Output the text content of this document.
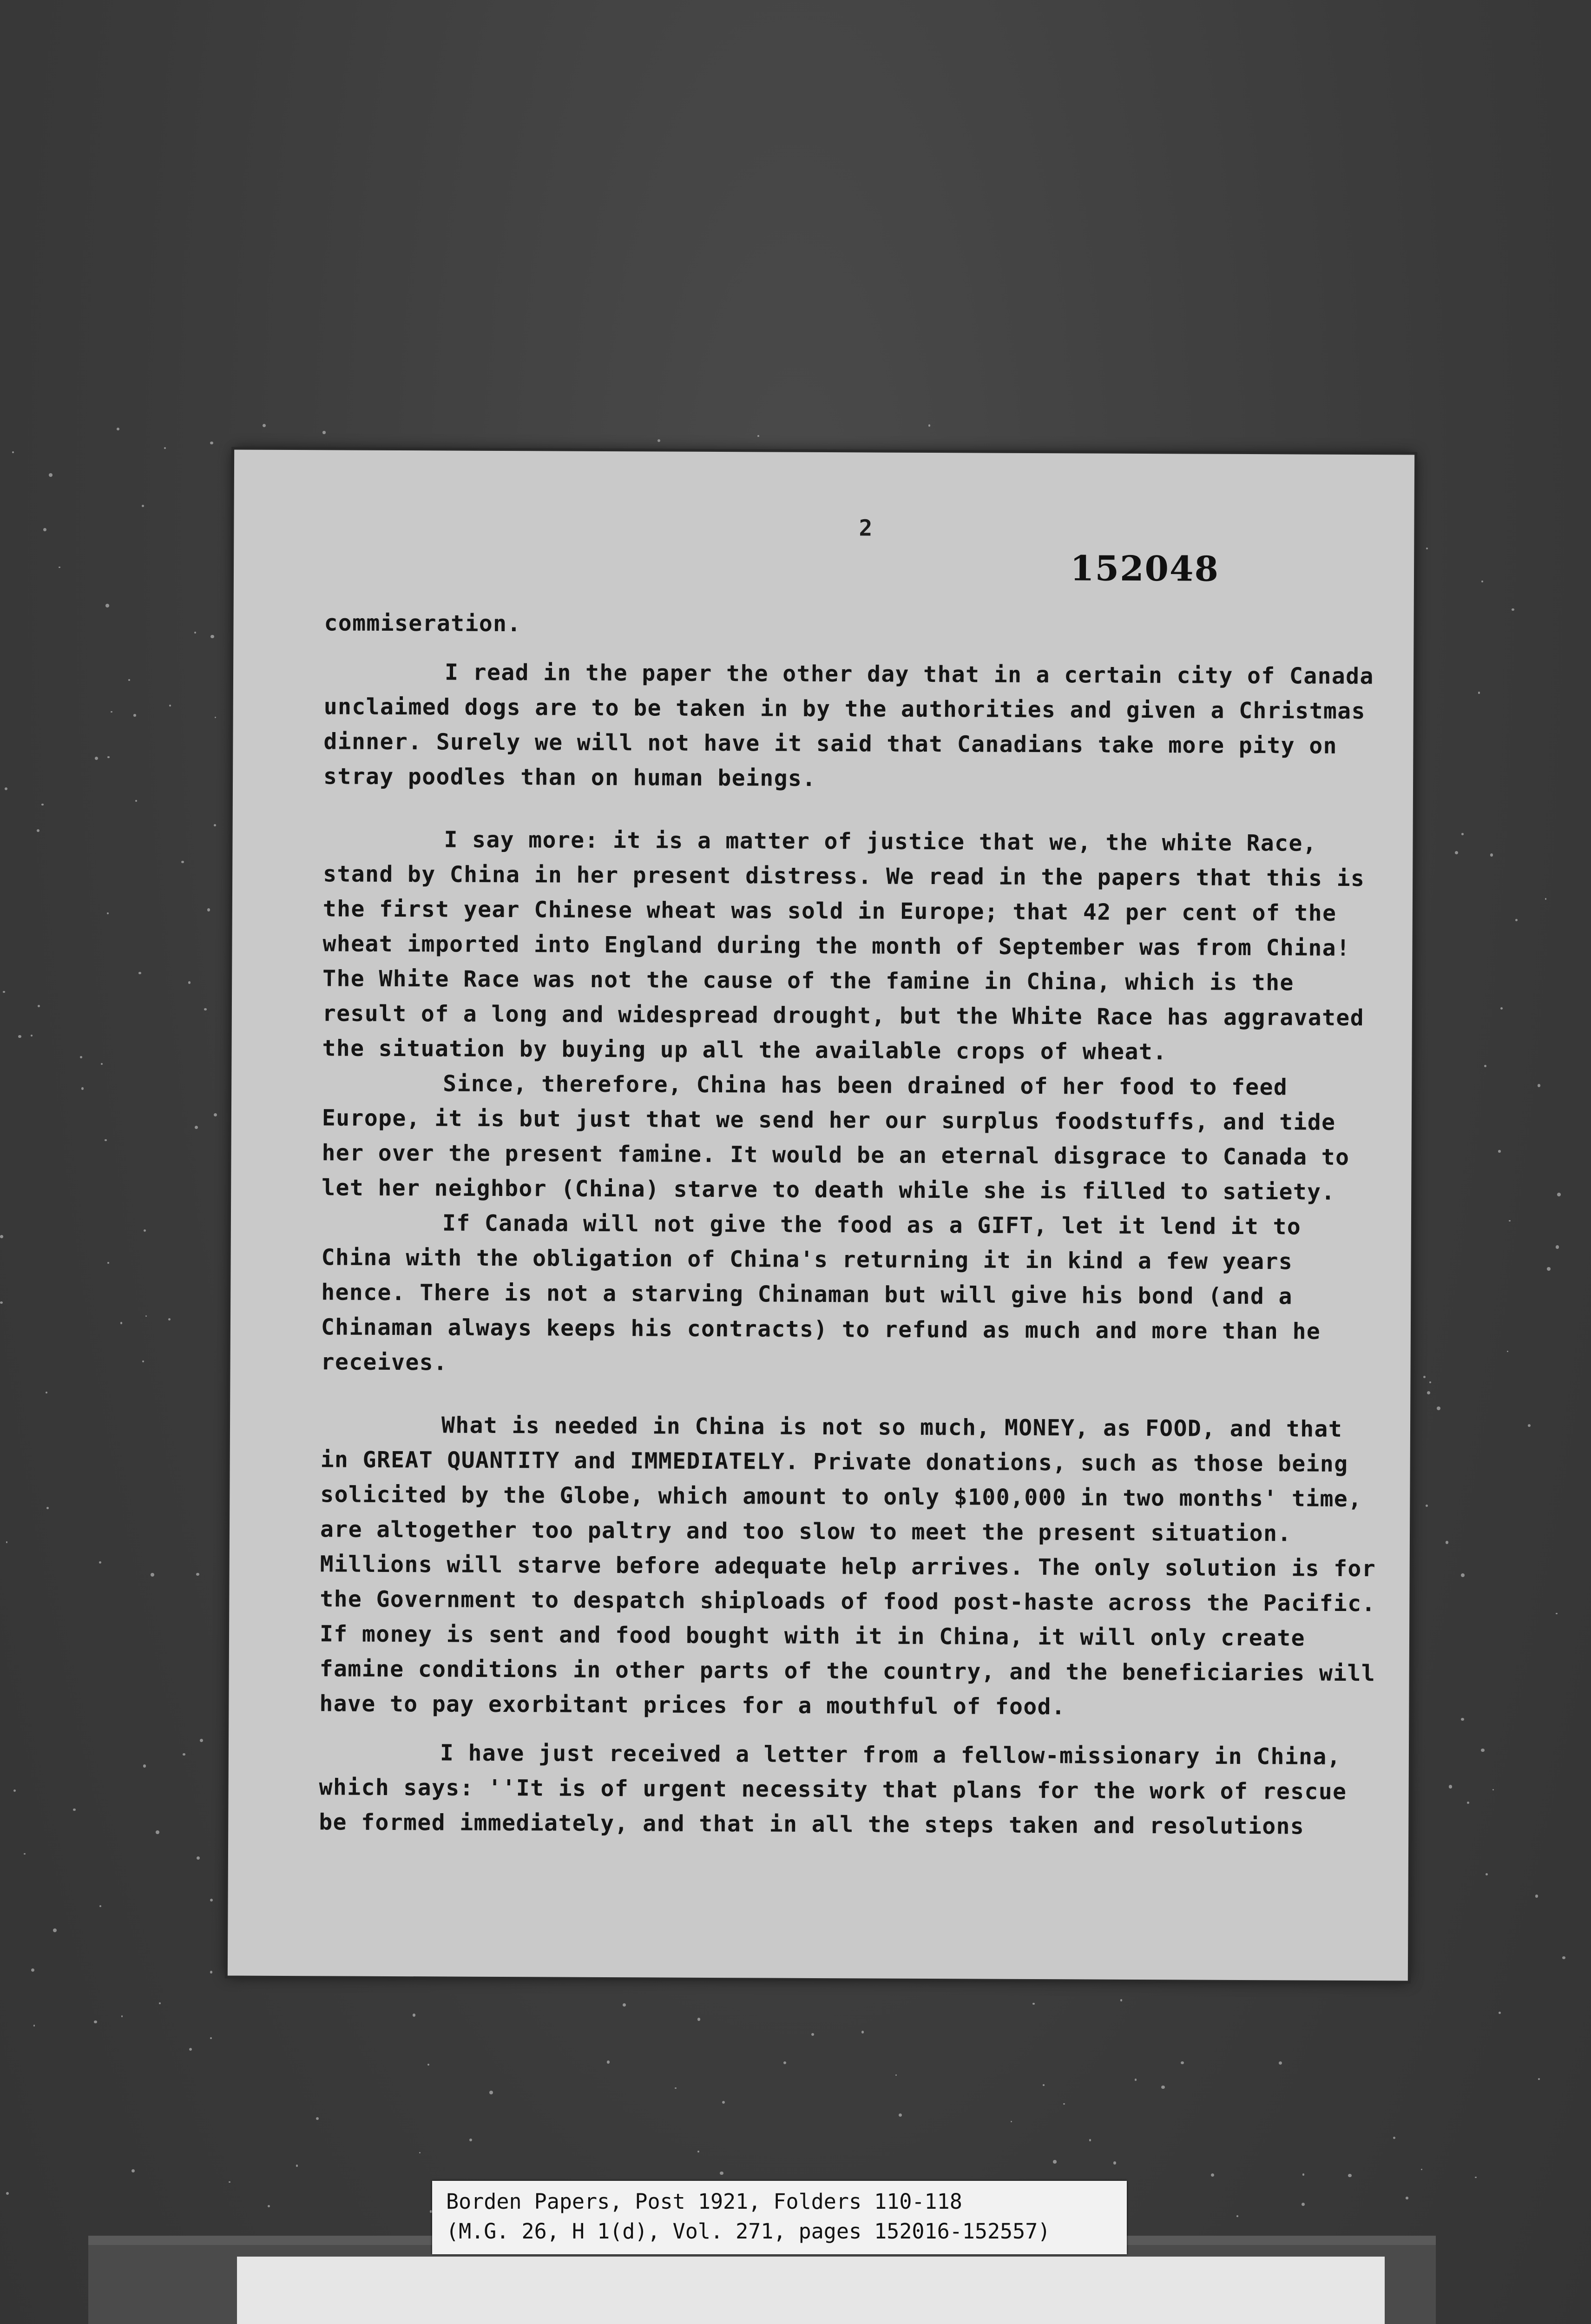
2
152048

commiseration.

I read in the paper the other day that in a certain city of Canada unclaimed dogs are to be taken in by the authorities and given a Christmas dinner. Surely we will not have it said that Canadians take more pity on stray poodles than on human beings.

I say more: it is a matter of justice that we, the white Race, stand by China in her present distress. We read in the papers that this is the first year Chinese wheat was sold in Europe; that 42 per cent of the wheat imported into England during the month of September was from China! The White Race was not the cause of the famine in China, which is the result of a long and widespread drought, but the White Race has aggravated the situation by buying up all the available crops of wheat.

Since, therefore, China has been drained of her food to feed Europe, it is but just that we send her our surplus foodstuffs, and tide her over the present famine. It would be an eternal disgrace to Canada to let her neighbor (China) starve to death while she is filled to satiety.

If Canada will not give the food as a GIFT, let it lend it to China with the obligation of China's returning it in kind a few years hence. There is not a starving Chinaman but will give his bond (and a Chinaman always keeps his contracts) to refund as much and more than he receives.

What is needed in China is not so much, MONEY, as FOOD, and that in GREAT QUANTITY and IMMEDIATELY. Private donations, such as those being solicited by the Globe, which amount to only $100,000 in two months' time, are altogether too paltry and too slow to meet the present situation. Millions will starve before adequate help arrives. The only solution is for the Government to despatch shiploads of food post-haste across the Pacific. If money is sent and food bought with it in China, it will only create famine conditions in other parts of the country, and the beneficiaries will have to pay exorbitant prices for a mouthful of food.

I have just received a letter from a fellow-missionary in China, which says: ''It is of urgent necessity that plans for the work of rescue be formed immediately, and that in all the steps taken and resolutions

Borden Papers, Post 1921, Folders 110-118
(M.G. 26, H 1(d), Vol. 271, pages 152016-152557)
